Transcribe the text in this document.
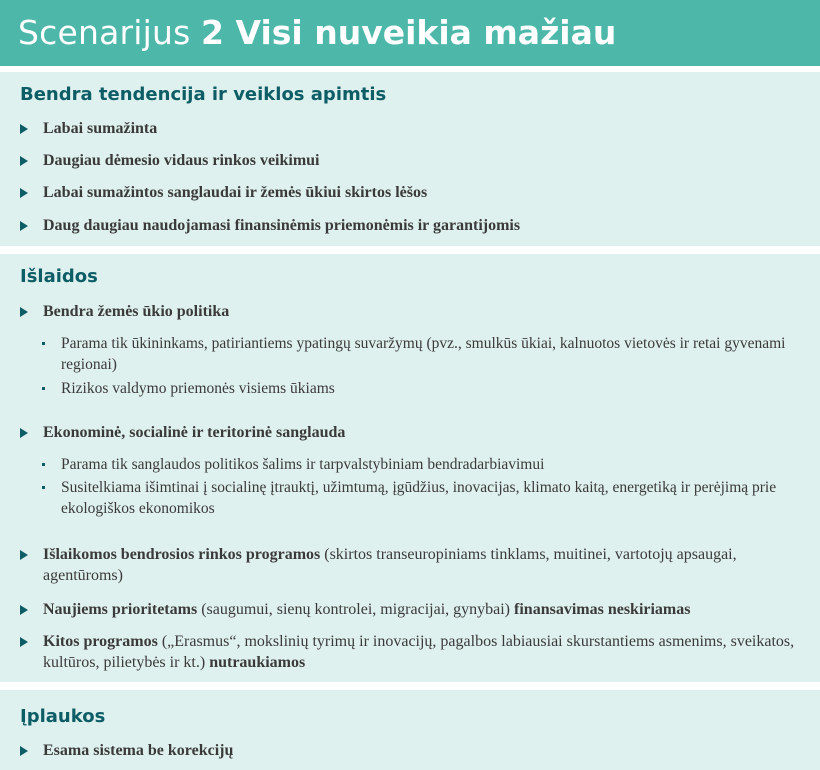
Scenarijus 2 Visi nuveikia mažiau
Bendra tendencija ir veiklos apimtis
Labai sumažinta
Daugiau dėmesio vidaus rinkos veikimui
Labai sumažintos sanglaudai ir žemės ūkiui skirtos lėšos
Daug daugiau naudojamasi finansinėmis priemonėmis ir garantijomis
Išlaidos
Bendra žemės ūkio politika
Parama tik ūkininkams, patiriantiems ypatingų suvaržymų (pvz., smulkūs ūkiai, kalnuotos vietovės ir retai gyvenami regionai)
Rizikos valdymo priemonės visiems ūkiams
Ekonominė, socialinė ir teritorinė sanglauda
Parama tik sanglaudos politikos šalims ir tarpvalstybiniam bendradarbiavimui
Susitelkiama išimtinai į socialinę įtrauktį, užimtumą, įgūdžius, inovacijas, klimato kaitą, energetiką ir perėjimą prie ekologiškos ekonomikos
Išlaikomos bendrosios rinkos programos (skirtos transeuropiniams tinklams, muitinei, vartotojų apsaugai, agentūroms)
Naujiems prioritetams (saugumui, sienų kontrolei, migracijai, gynybai) finansavimas neskiriamas
Kitos programos („Erasmus“, mokslinių tyrimų ir inovacijų, pagalbos labiausiai skurstantiems asmenims, sveikatos, kultūros, pilietybės ir kt.) nutraukiamos
Įplaukos
Esama sistema be korekcijų
